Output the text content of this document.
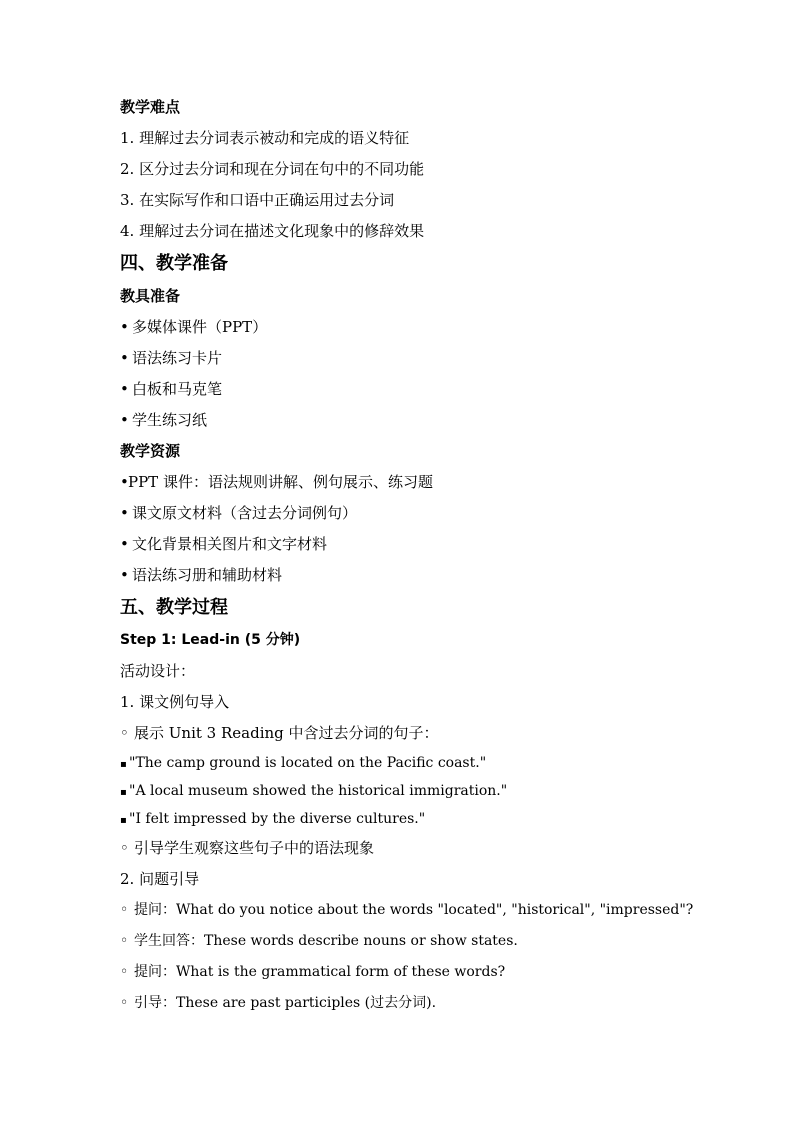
教学难点
1. 理解过去分词表示被动和完成的语义特征
2. 区分过去分词和现在分词在句中的不同功能
3. 在实际写作和口语中正确运用过去分词
4. 理解过去分词在描述文化现象中的修辞效果
四、教学准备
教具准备
• 多媒体课件（PPT）
• 语法练习卡片
• 白板和马克笔
• 学生练习纸
教学资源
•PPT 课件：语法规则讲解、例句展示、练习题
• 课文原文材料（含过去分词例句）
• 文化背景相关图片和文字材料
• 语法练习册和辅助材料
五、教学过程
Step 1: Lead-in (5 分钟)
活动设计：
1. 课文例句导入
◦ 展示 Unit 3 Reading 中含过去分词的句子：
▪ "The camp ground is located on the Pacific coast."
▪ "A local museum showed the historical immigration."
▪ "I felt impressed by the diverse cultures."
◦ 引导学生观察这些句子中的语法现象
2. 问题引导
◦ 提问：What do you notice about the words "located", "historical", "impressed"?
◦ 学生回答：These words describe nouns or show states.
◦ 提问：What is the grammatical form of these words?
◦ 引导：These are past participles (过去分词).
